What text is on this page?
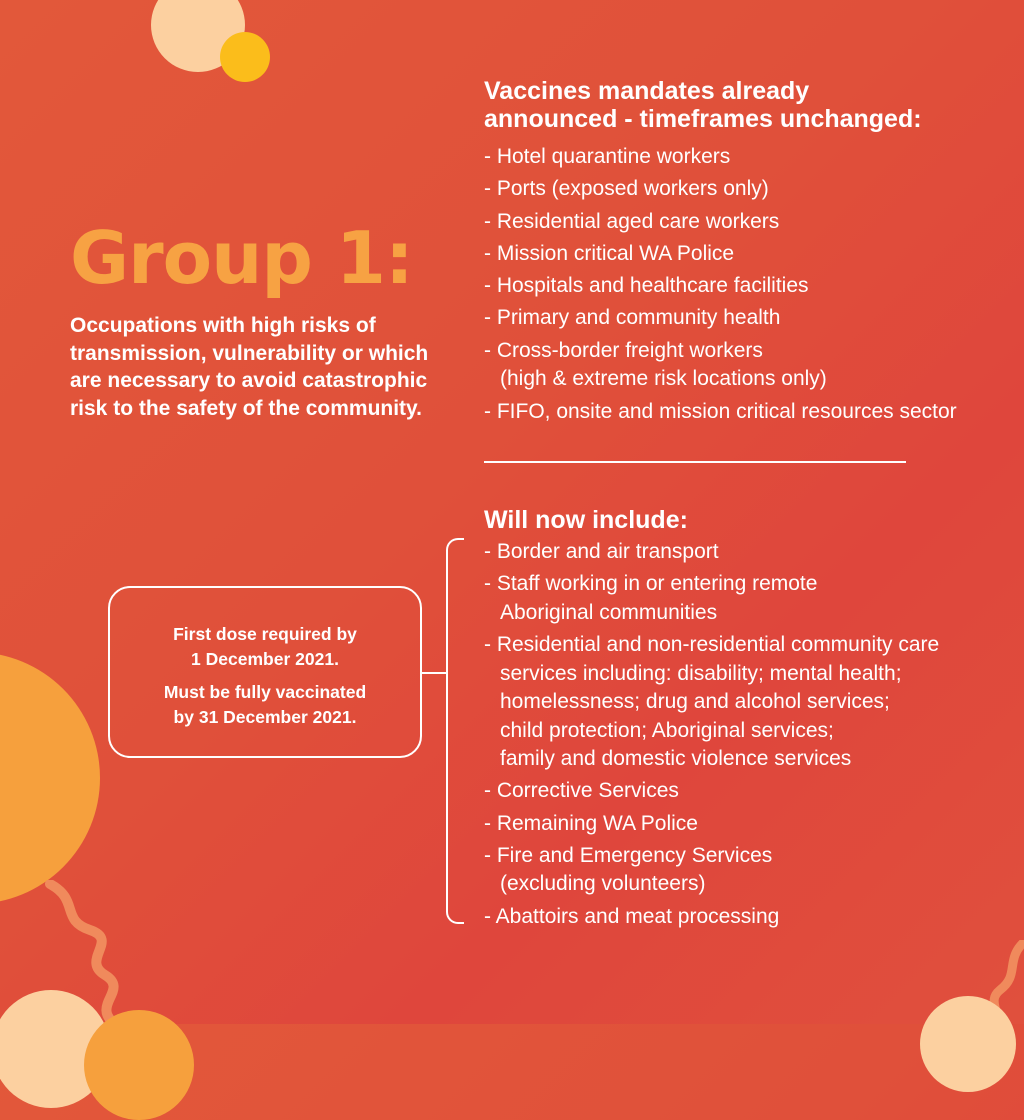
Group 1:

Occupations with high risks of transmission, vulnerability or which are necessary to avoid catastrophic risk to the safety of the community.

First dose required by

1 December 2021.

Must be fully vaccinated

by 31 December 2021.

Vaccines mandates already
announced - timeframes unchanged:
- Hotel quarantine workers
- Ports (exposed workers only)
- Residential aged care workers
- Mission critical WA Police
- Hospitals and healthcare facilities
- Primary and community health
- Cross-border freight workers
(high & extreme risk locations only)
- FIFO, onsite and mission critical resources sector
Will now include:
- Border and air transport
- Staff working in or entering remote
Aboriginal communities
- Residential and non-residential community care
services including: disability; mental health;
homelessness; drug and alcohol services;
child protection; Aboriginal services;
family and domestic violence services
- Corrective Services
- Remaining WA Police
- Fire and Emergency Services
(excluding volunteers)
- Abattoirs and meat processing
